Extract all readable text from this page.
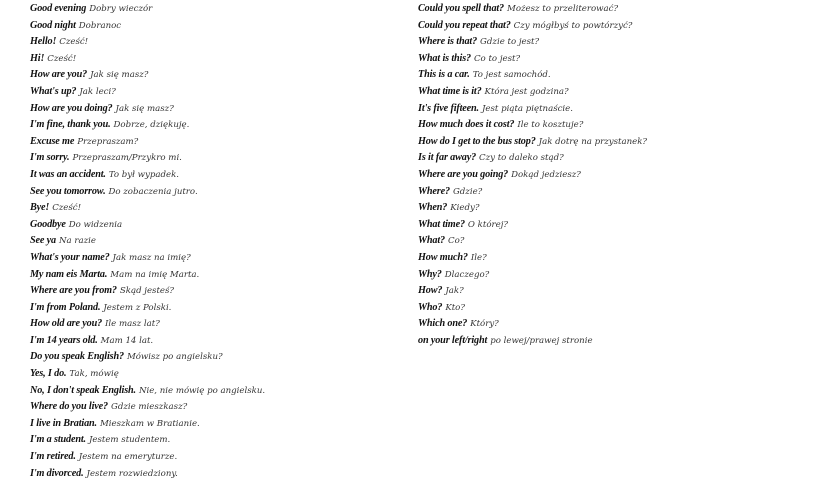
Good evening Dobry wieczór
Good night Dobranoc
Hello! Cześć!
Hi! Cześć!
How are you? Jak się masz?
What's up? Jak leci?
How are you doing? Jak się masz?
I'm fine, thank you. Dobrze, dziękuję.
Excuse me Przepraszam?
I'm sorry. Przepraszam/Przykro mi.
It was an accident. To był wypadek.
See you tomorrow. Do zobaczenia jutro.
Bye! Cześć!
Goodbye Do widzenia
See ya Na razie
What's your name? Jak masz na imię?
My nam eis Marta. Mam na imię Marta.
Where are you from? Skąd jesteś?
I'm from Poland. Jestem z Polski.
How old are you? Ile masz lat?
I'm 14 years old. Mam 14 lat.
Do you speak English? Mówisz po angielsku?
Yes, I do. Tak, mówię
No, I don't speak English. Nie, nie mówię po angielsku.
Where do you live? Gdzie mieszkasz?
I live in Bratian. Mieszkam w Bratianie.
I'm a student. Jestem studentem.
I'm retired. Jestem na emeryturze.
I'm divorced. Jestem rozwiedziony.
Could you spell that? Możesz to przeliterować?
Could you repeat that? Czy mógłbyś to powtórzyć?
Where is that? Gdzie to jest?
What is this? Co to jest?
This is a car. To jest samochód.
What time is it? Która jest godzina?
It's five fifteen. Jest piąta piętnaście.
How much does it cost? Ile to kosztuje?
How do I get to the bus stop? Jak dotrę na przystanek?
Is it far away? Czy to daleko stąd?
Where are you going? Dokąd jedziesz?
Where? Gdzie?
When? Kiedy?
What time? O której?
What? Co?
How much? Ile?
Why? Dlaczego?
How? Jak?
Who? Kto?
Which one? Który?
on your left/right po lewej/prawej stronie
